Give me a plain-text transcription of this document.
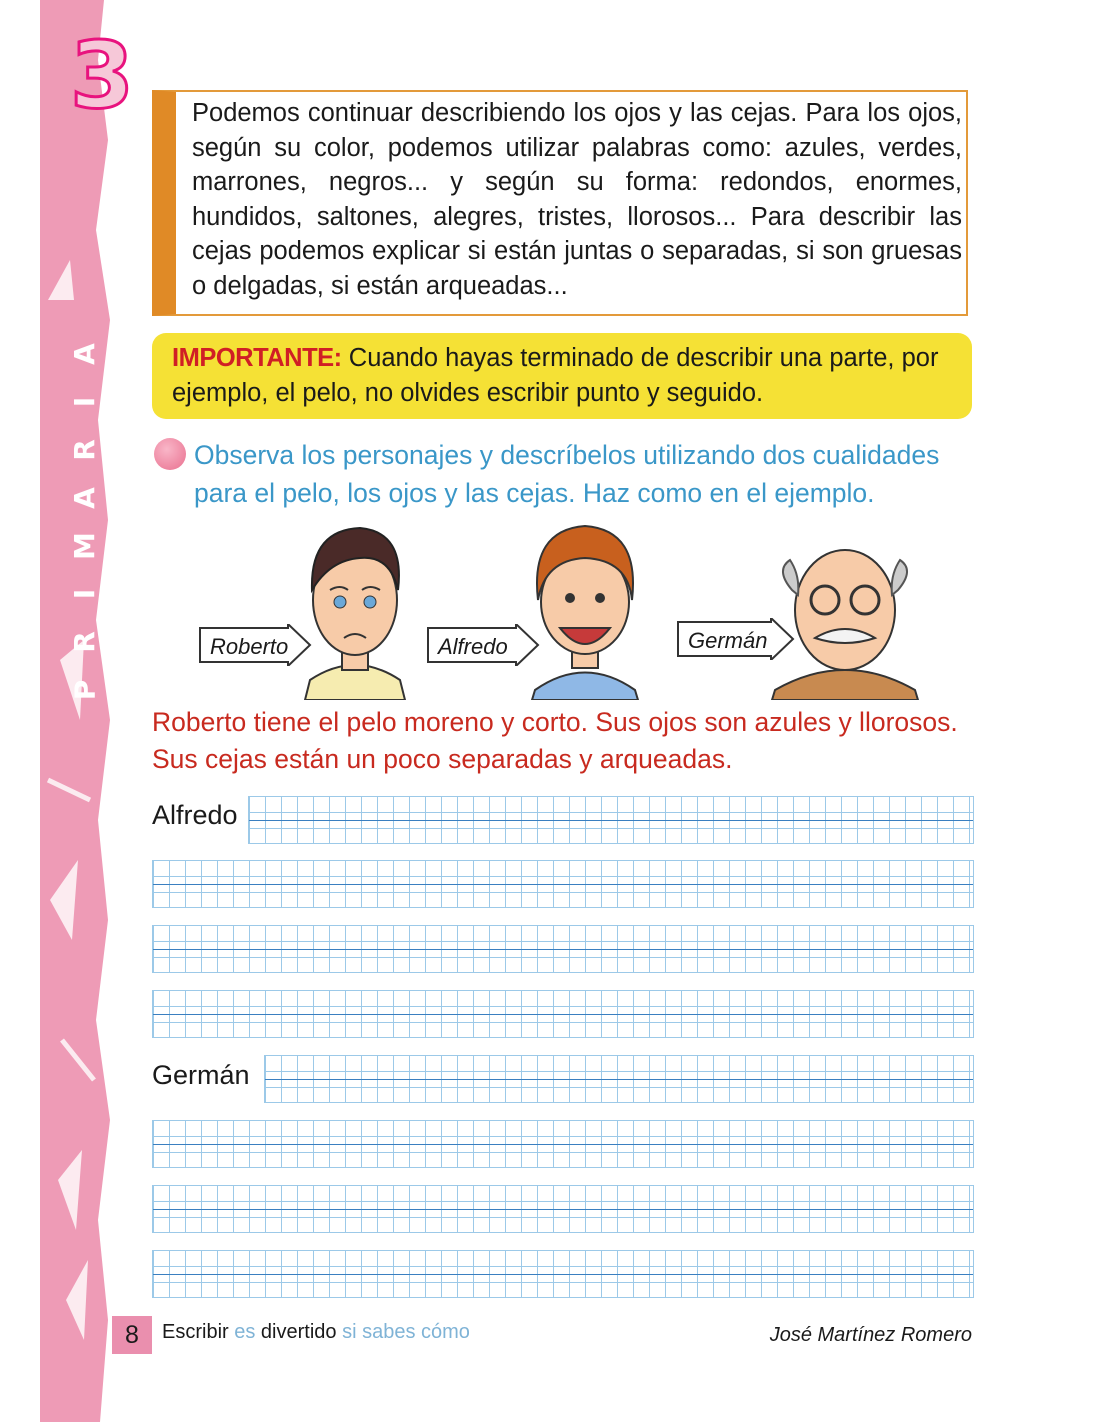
3
A
I
R
A
M
I
R
P
Podemos continuar describiendo los ojos y las cejas. Para los ojos, según su color, podemos utilizar palabras como: azules, verdes, marrones, negros... y según su forma: redondos, enormes, hundidos, saltones, alegres, tristes, llorosos... Para describir las cejas podemos explicar si están juntas o separadas, si son gruesas o delgadas, si están arqueadas...
IMPORTANTE: Cuando hayas terminado de describir una parte, por ejemplo, el pelo, no olvides escribir punto y seguido.
Observa los personajes y descríbelos utilizando dos cualidades para el pelo, los ojos y las cejas. Haz como en el ejemplo.
Roberto	Alfredo	Germán
Roberto tiene el pelo moreno y corto. Sus ojos son azules y llorosos. Sus cejas están un poco separadas y arqueadas.
Alfredo
Germán
8	Escribir es divertido si sabes cómo	José Martínez Romero
